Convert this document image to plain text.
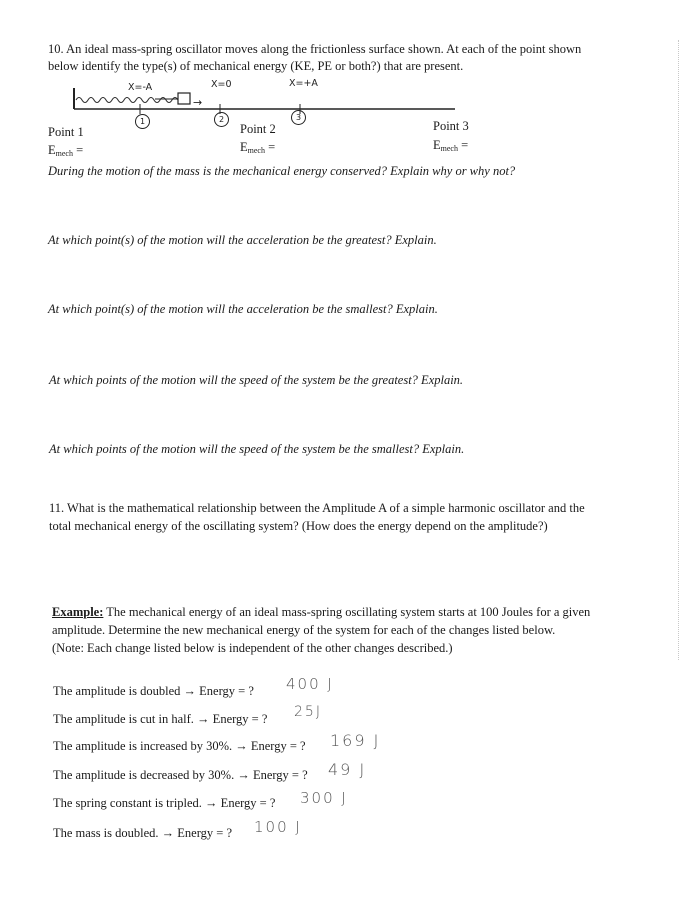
10. An ideal mass-spring oscillator moves along the frictionless surface shown. At each of the point shown
below identify the type(s) of mechanical energy (KE, PE or both?) that are present.
X=-A	X=0	X=+A
→
1	2	3
Point 1
$E_{mech}$ =
Point 2
$E_{mech}$ =
Point 3
$E_{mech}$ =
During the motion of the mass is the mechanical energy conserved? Explain why or why not?
At which point(s) of the motion will the acceleration be the greatest? Explain.
At which point(s) of the motion will the acceleration be the smallest? Explain.
At which points of the motion will the speed of the system be the greatest? Explain.
At which points of the motion will the speed of the system be the smallest? Explain.
11. What is the mathematical relationship between the Amplitude A of a simple harmonic oscillator and the
total mechanical energy of the oscillating system? (How does the energy depend on the amplitude?)
Example: The mechanical energy of an ideal mass-spring oscillating system starts at 100 Joules for a given
amplitude. Determine the new mechanical energy of the system for each of the changes listed below.
(Note: Each change listed below is independent of the other changes described.)
The amplitude is doubled → Energy = ? 400 J
The amplitude is cut in half. → Energy = ? 25J
The amplitude is increased by 30%. → Energy = ? 169 J
The amplitude is decreased by 30%. → Energy = ? 49 J
The spring constant is tripled. → Energy = ? 300 J
The mass is doubled. → Energy = ? 100 J
